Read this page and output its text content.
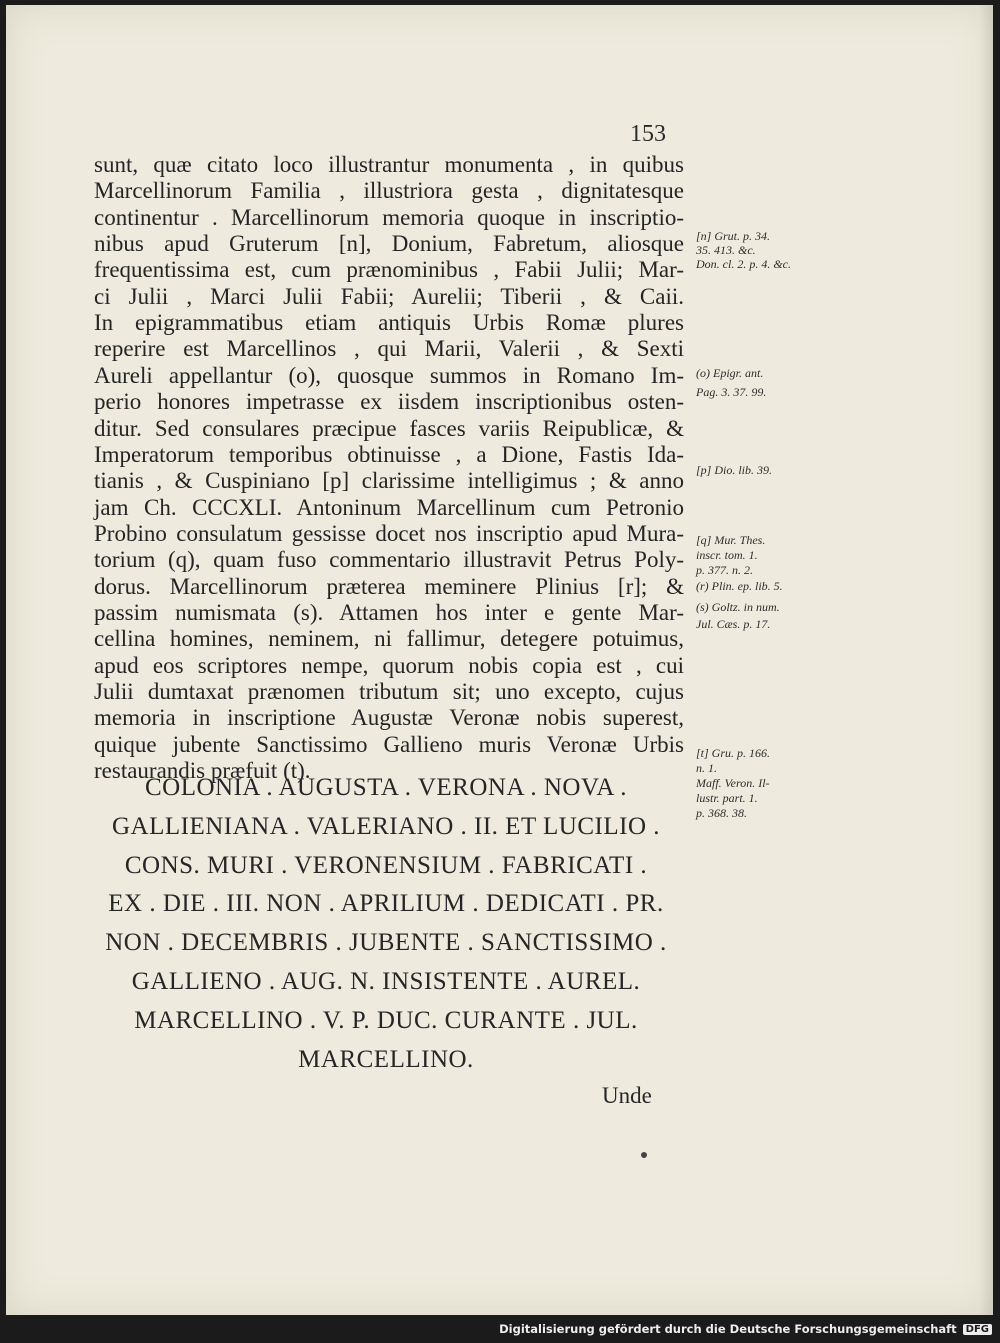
153
Unde
sunt, quæ citato loco illustrantur monumenta , in quibus
Marcellinorum Familia , illustriora gesta , dignitatesque
continentur . Marcellinorum memoria quoque in inscriptio-
nibus apud Gruterum [n], Donium, Fabretum, aliosque
frequentissima est, cum prænominibus , Fabii Julii; Mar-
ci Julii , Marci Julii Fabii; Aurelii; Tiberii , & Caii.
In epigrammatibus etiam antiquis Urbis Romæ plures
reperire est Marcellinos , qui Marii, Valerii , & Sexti
Aureli appellantur (o), quosque summos in Romano Im-
perio honores impetrasse ex iisdem inscriptionibus osten-
ditur. Sed consulares præcipue fasces variis Reipublicæ, &
Imperatorum temporibus obtinuisse , a Dione, Fastis Ida-
tianis , & Cuspiniano [p] clarissime intelligimus ; & anno
jam Ch. CCCXLI. Antoninum Marcellinum cum Petronio
Probino consulatum gessisse docet nos inscriptio apud Mura-
torium (q), quam fuso commentario illustravit Petrus Poly-
dorus. Marcellinorum præterea meminere Plinius [r]; &
passim numismata (s). Attamen hos inter e gente Mar-
cellina homines, neminem, ni fallimur, detegere potuimus,
apud eos scriptores nempe, quorum nobis copia est , cui
Julii dumtaxat prænomen tributum sit; uno excepto, cujus
memoria in inscriptione Augustæ Veronæ nobis superest,
quique jubente Sanctissimo Gallieno muris Veronæ Urbis
restaurandis præfuit (t).
[n] Grut. p. 34.
35. 413. &c.
Don. cl. 2. p. 4. &c.
(o) Epigr. ant.
Pag. 3. 37. 99.
[p] Dio. lib. 39.
[q] Mur. Thes.
inscr. tom. 1.
p. 377. n. 2.
(r) Plin. ep. lib. 5.
(s) Goltz. in num.
Jul. Cæs. p. 17.
[t] Gru. p. 166.
n. 1.
Maff. Veron. Il-
lustr. part. 1.
p. 368. 38.
COLONIA . AUGUSTA . VERONA . NOVA .
GALLIENIANA . VALERIANO . II. ET LUCILIO .
CONS. MURI . VERONENSIUM . FABRICATI .
EX . DIE . III. NON . APRILIUM . DEDICATI . PR.
NON . DECEMBRIS . JUBENTE . SANCTISSIMO .
GALLIENO . AUG. N. INSISTENTE . AUREL.
MARCELLINO . V. P. DUC. CURANTE . JUL.
MARCELLINO.
Digitalisierung gefördert durch die Deutsche Forschungsgemeinschaft DFG
